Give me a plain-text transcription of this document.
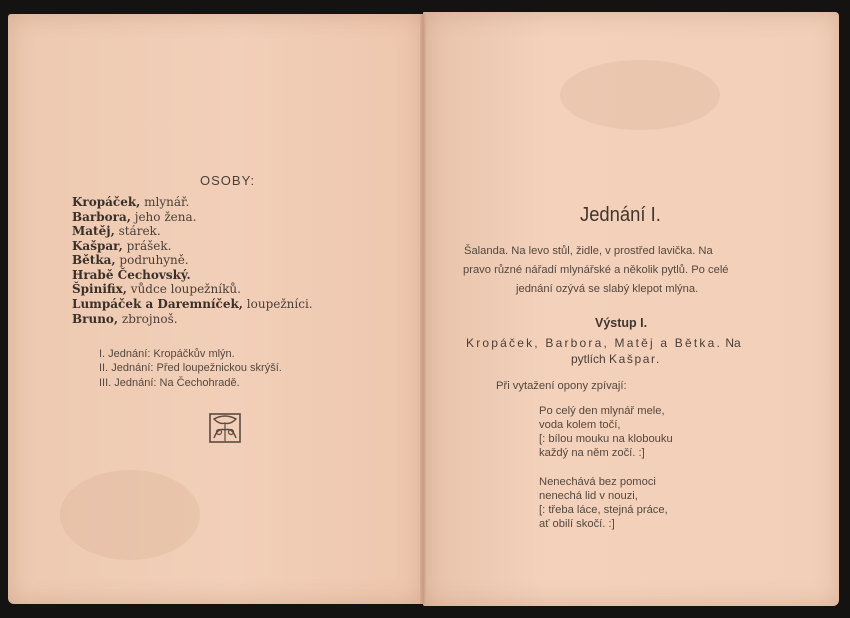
OSOBY:
Kropáček, mlynář.
Barbora, jeho žena.
Matěj, stárek.
Kašpar, prášek.
Bětka, podruhyně.
Hrabě Čechovský.
Špinifix, vůdce loupežníků.
Lumpáček a Daremníček, loupežníci.
Bruno, zbrojnoš.
I. Jednání: Kropáčkův mlýn.
II. Jednání: Před loupežnickou skrýší.
III. Jednání: Na Čechohradě.
Jednání I.
Šalanda. Na levo stůl, židle, v prostřed lavička. Na
pravo různé nářadí mlynářské a několik pytlů. Po celé
jednání ozývá se slabý klepot mlýna.
Výstup I.
Kropáček, Barbora, Matěj a Bětka. Na
pytlích Kašpar.
Při vytažení opony zpívají:
Po celý den mlynář mele,
voda kolem točí,
[: bílou mouku na klobouku
každý na něm zočí. :]
Nenechává bez pomoci
nenechá lid v nouzi,
[: třeba láce, stejná práce,
ať obilí skočí. :]
